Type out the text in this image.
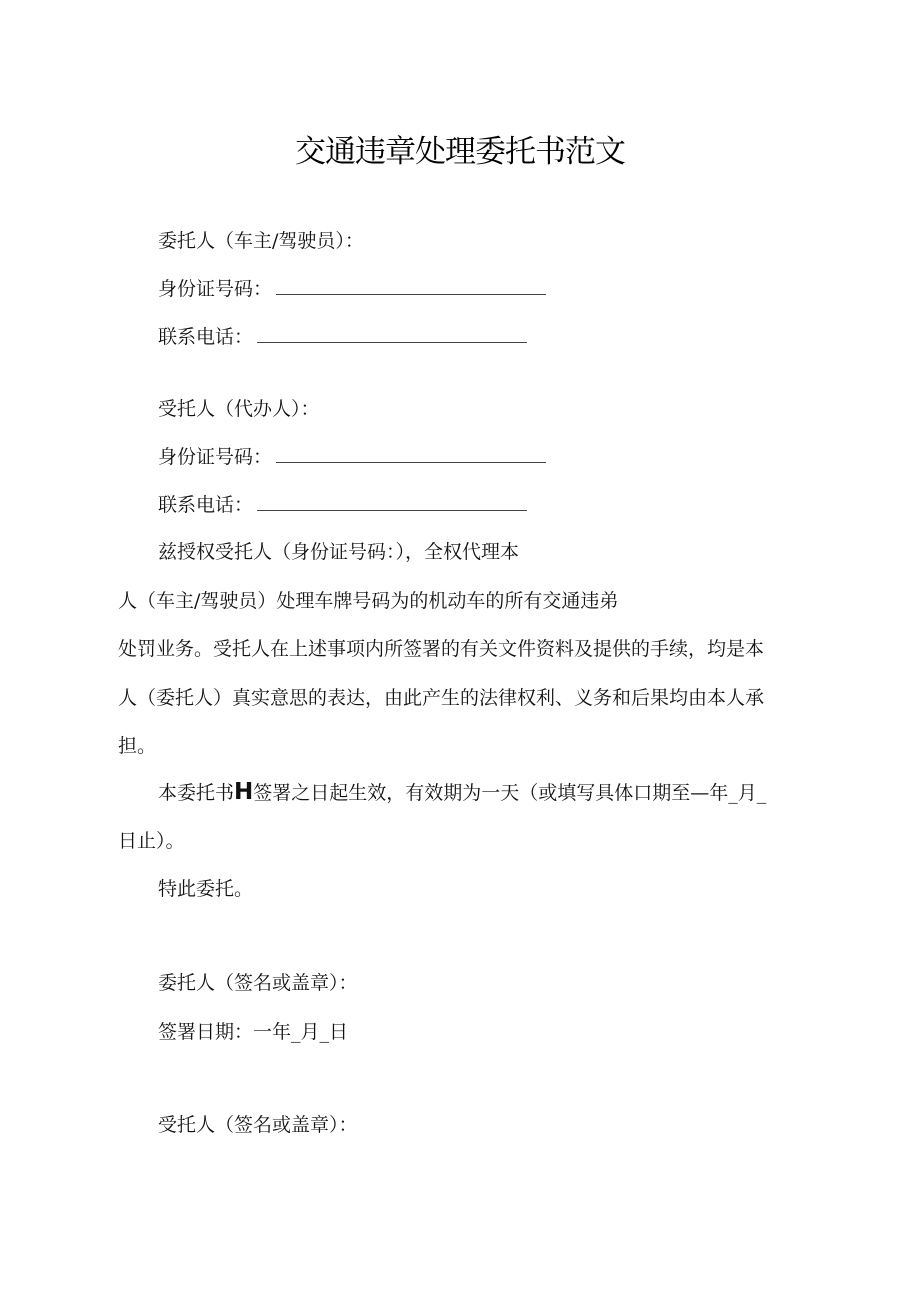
交通违章处理委托书范文
委托人（车主/驾驶员）：
身份证号码：
联系电话：
受托人（代办人）：
身份证号码：
联系电话：
兹授权受托人（身份证号码：），全权代理本
人（车主/驾驶员）处理车牌号码为的机动车的所有交通违弟
处罚业务。受托人在上述事项内所签署的有关文件资料及提供的手续，均是本
人（委托人）真实意思的表达，由此产生的法律权利、义务和后果均由本人承
担。
本委托书H签署之日起生效，有效期为一天（或填写具体口期至—年_月_
日止）。
特此委托。
委托人（签名或盖章）：
签署日期：一年_月_日
受托人（签名或盖章）：
